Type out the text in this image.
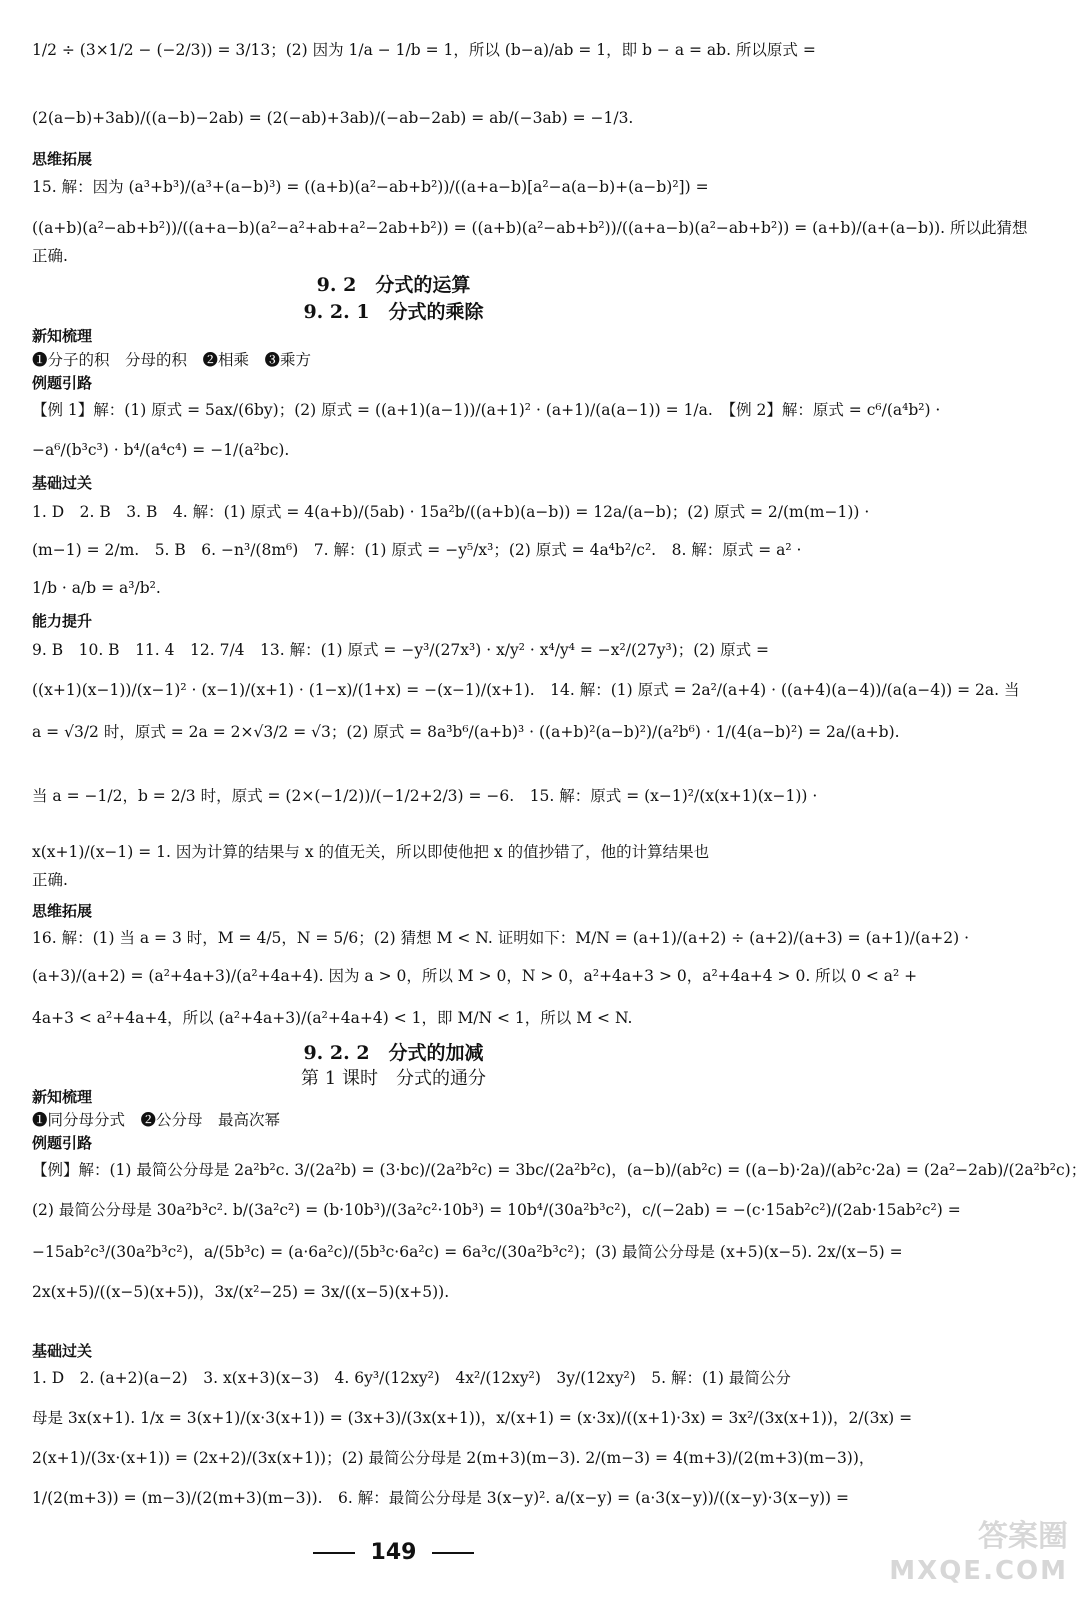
1/2 ÷ (3×1/2 − (−2/3)) = 3/13；(2) 因为 1/a − 1/b = 1，所以 (b−a)/ab = 1，即 b − a = ab. 所以原式 =
(2(a−b)+3ab)/((a−b)−2ab) = (2(−ab)+3ab)/(−ab−2ab) = ab/(−3ab) = −1/3.
15. 解：因为 (a³+b³)/(a³+(a−b)³) = ((a+b)(a²−ab+b²))/((a+a−b)[a²−a(a−b)+(a−b)²]) =
((a+b)(a²−ab+b²))/((a+a−b)(a²−a²+ab+a²−2ab+b²)) = ((a+b)(a²−ab+b²))/((a+a−b)(a²−ab+b²)) = (a+b)/(a+(a−b)). 所以此猜想
正确.
❶分子的积　分母的积　❷相乘　❸乘方
【例 1】解：(1) 原式 = 5ax/(6by)；(2) 原式 = ((a+1)(a−1))/(a+1)² · (a+1)/(a(a−1)) = 1/a.　【例 2】解：原式 = c⁶/(a⁴b²) ·
−a⁶/(b³c³) · b⁴/(a⁴c⁴) = −1/(a²bc).
1. D　2. B　3. B　4. 解：(1) 原式 = 4(a+b)/(5ab) · 15a²b/((a+b)(a−b)) = 12a/(a−b)；(2) 原式 = 2/(m(m−1)) ·
(m−1) = 2/m.　5. B　6. −n³/(8m⁶)　7. 解：(1) 原式 = −y⁵/x³；(2) 原式 = 4a⁴b²/c².　8. 解：原式 = a² ·
1/b · a/b = a³/b².
9. B　10. B　11. 4　12. 7/4　13. 解：(1) 原式 = −y³/(27x³) · x/y² · x⁴/y⁴ = −x²/(27y³)；(2) 原式 =
((x+1)(x−1))/(x−1)² · (x−1)/(x+1) · (1−x)/(1+x) = −(x−1)/(x+1).　14. 解：(1) 原式 = 2a²/(a+4) · ((a+4)(a−4))/(a(a−4)) = 2a. 当
a = √3/2 时，原式 = 2a = 2×√3/2 = √3；(2) 原式 = 8a³b⁶/(a+b)³ · ((a+b)²(a−b)²)/(a²b⁶) · 1/(4(a−b)²) = 2a/(a+b).
当 a = −1/2，b = 2/3 时，原式 = (2×(−1/2))/(−1/2+2/3) = −6.　15. 解：原式 = (x−1)²/(x(x+1)(x−1)) ·
x(x+1)/(x−1) = 1. 因为计算的结果与 x 的值无关，所以即使他把 x 的值抄错了，他的计算结果也
正确.
16. 解：(1) 当 a = 3 时，M = 4/5，N = 5/6；(2) 猜想 M < N. 证明如下：M/N = (a+1)/(a+2) ÷ (a+2)/(a+3) = (a+1)/(a+2) ·
(a+3)/(a+2) = (a²+4a+3)/(a²+4a+4). 因为 a > 0，所以 M > 0，N > 0，a²+4a+3 > 0，a²+4a+4 > 0. 所以 0 < a² +
4a+3 < a²+4a+4，所以 (a²+4a+3)/(a²+4a+4) < 1，即 M/N < 1，所以 M < N.
❶同分母分式　❷公分母　最高次幂
【例】解：(1) 最简公分母是 2a²b²c. 3/(2a²b) = (3·bc)/(2a²b²c) = 3bc/(2a²b²c)，(a−b)/(ab²c) = ((a−b)·2a)/(ab²c·2a) = (2a²−2ab)/(2a²b²c)；
(2) 最简公分母是 30a²b³c². b/(3a²c²) = (b·10b³)/(3a²c²·10b³) = 10b⁴/(30a²b³c²)，c/(−2ab) = −(c·15ab²c²)/(2ab·15ab²c²) =
−15ab²c³/(30a²b³c²)，a/(5b³c) = (a·6a²c)/(5b³c·6a²c) = 6a³c/(30a²b³c²)；(3) 最简公分母是 (x+5)(x−5). 2x/(x−5) =
2x(x+5)/((x−5)(x+5))，3x/(x²−25) = 3x/((x−5)(x+5)).
1. D　2. (a+2)(a−2)　3. x(x+3)(x−3)　4. 6y³/(12xy²)　4x²/(12xy²)　3y/(12xy²)　5. 解：(1) 最简公分
母是 3x(x+1). 1/x = 3(x+1)/(x·3(x+1)) = (3x+3)/(3x(x+1))，x/(x+1) = (x·3x)/((x+1)·3x) = 3x²/(3x(x+1))，2/(3x) =
2(x+1)/(3x·(x+1)) = (2x+2)/(3x(x+1))；(2) 最简公分母是 2(m+3)(m−3). 2/(m−3) = 4(m+3)/(2(m+3)(m−3))，
1/(2(m+3)) = (m−3)/(2(m+3)(m−3)).　6. 解：最简公分母是 3(x−y)². a/(x−y) = (a·3(x−y))/((x−y)·3(x−y)) =
思维拓展
新知梳理
例题引路
基础过关
能力提升
思维拓展
新知梳理
例题引路
基础过关
9. 2　分式的运算
9. 2. 1　分式的乘除
9. 2. 2　分式的加减
第 1 课时　分式的通分
149	答案圈
MXQE.COM
